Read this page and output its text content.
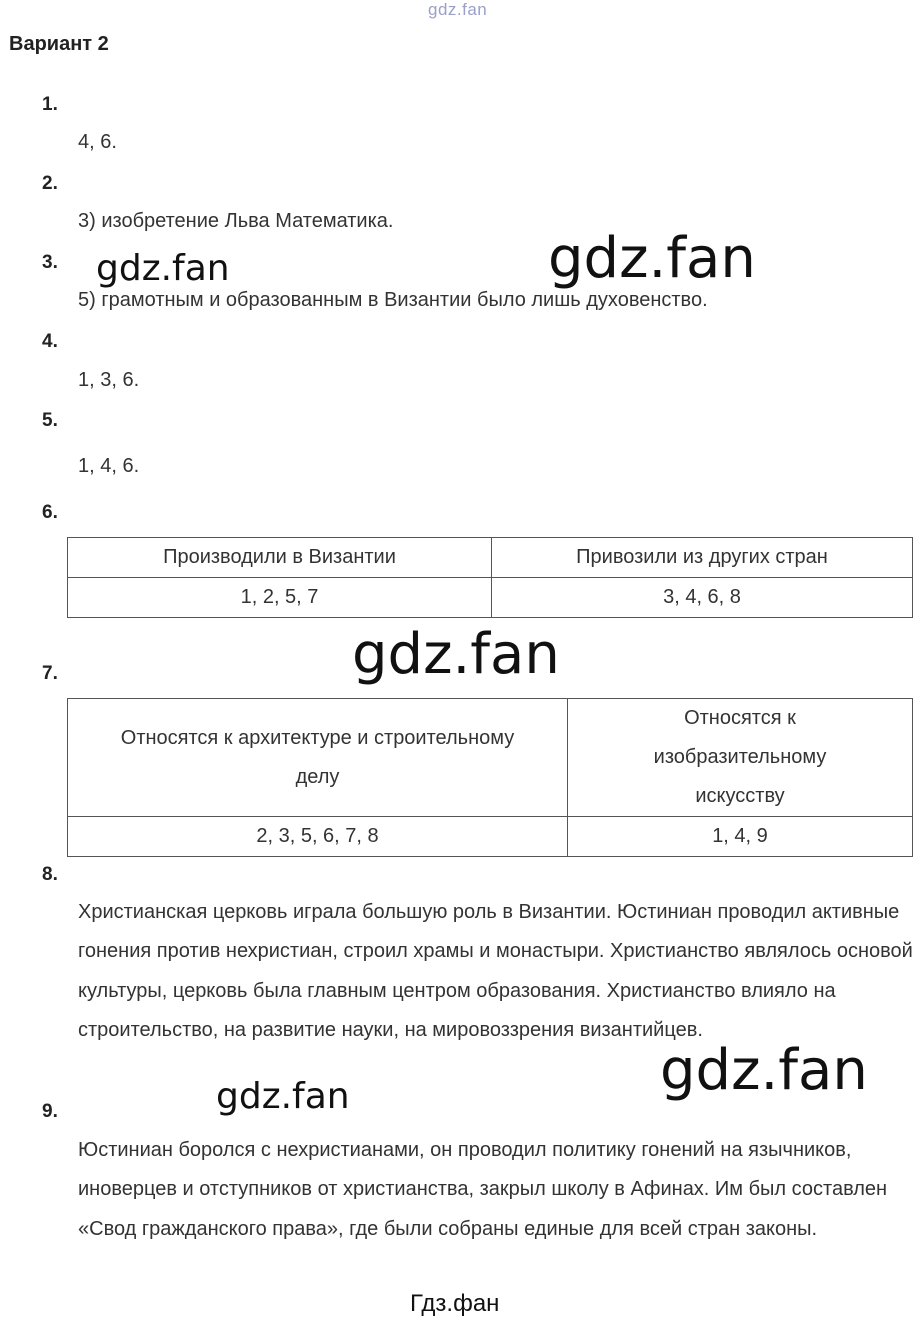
gdz.fan
Вариант 2
1.
4, 6.
2.
3) изобретение Льва Математика.
3.
5) грамотным и образованным в Византии было лишь духовенство.
4.
1, 3, 6.
5.
1, 4, 6.
6.
Производили в Византии	Привозили из других стран
1, 2, 5, 7	3, 4, 6, 8
7.
Относятся к архитектуре и строительному делу	Относятся к изобразительному искусству
2, 3, 5, 6, 7, 8	1, 4, 9
8.
Христианская церковь играла большую роль в Византии. Юстиниан проводил активные гонения против нехристиан, строил храмы и монастыри. Христианство являлось основой культуры, церковь была главным центром образования. Христианство влияло на строительство, на развитие науки, на мировоззрения византийцев.
9.
Юстиниан боролся с нехристианами, он проводил политику гонений на язычников, иноверцев и отступников от христианства, закрыл школу в Афинах. Им был составлен «Свод гражданского права», где были собраны единые для всей стран законы.
gdz.fan	gdz.fan
gdz.fan
gdz.fan
gdz.fan
Гдз.фан
